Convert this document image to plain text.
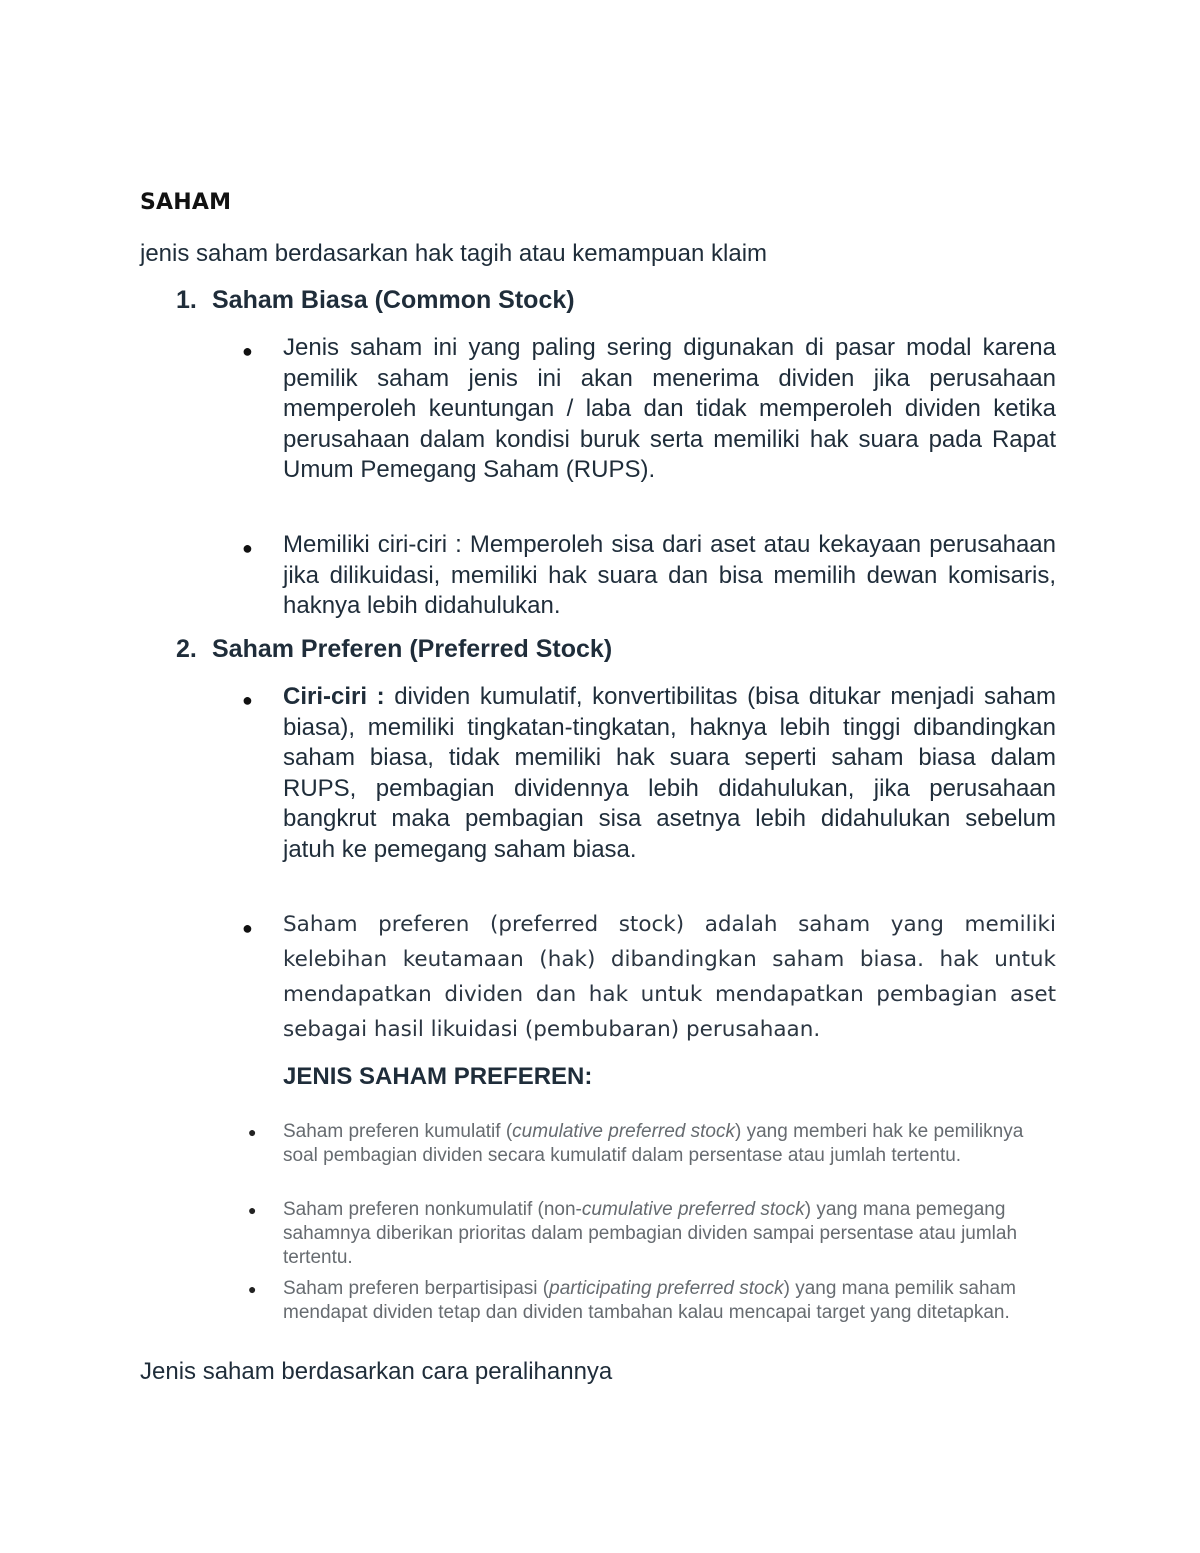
SAHAM

jenis saham berdasarkan hak tagih atau kemampuan klaim

1. Saham Biasa (Common Stock)
● Jenis saham ini yang paling sering digunakan di pasar modal karena pemilik saham jenis ini akan menerima dividen jika perusahaan memperoleh keuntungan / laba dan tidak memperoleh dividen ketika perusahaan dalam kondisi buruk serta memiliki hak suara pada Rapat Umum Pemegang Saham (RUPS).

● Memiliki ciri-ciri : Memperoleh sisa dari aset atau kekayaan perusahaan jika dilikuidasi, memiliki hak suara dan bisa memilih dewan komisaris, haknya lebih didahulukan.

2. Saham Preferen (Preferred Stock)
● Ciri-ciri : dividen kumulatif, konvertibilitas (bisa ditukar menjadi saham biasa), memiliki tingkatan-tingkatan, haknya lebih tinggi dibandingkan saham biasa, tidak memiliki hak suara seperti saham biasa dalam RUPS, pembagian dividennya lebih didahulukan, jika perusahaan bangkrut maka pembagian sisa asetnya lebih didahulukan sebelum jatuh ke pemegang saham biasa.

● Saham preferen (preferred stock) adalah saham yang memiliki kelebihan keutamaan (hak) dibandingkan saham biasa. hak untuk mendapatkan dividen dan hak untuk mendapatkan pembagian aset sebagai hasil likuidasi (pembubaran) perusahaan.

JENIS SAHAM PREFEREN:
● Saham preferen kumulatif (cumulative preferred stock) yang memberi hak ke pemiliknya soal pembagian dividen secara kumulatif dalam persentase atau jumlah tertentu.
● Saham preferen nonkumulatif (non-cumulative preferred stock) yang mana pemegang sahamnya diberikan prioritas dalam pembagian dividen sampai persentase atau jumlah tertentu.
● Saham preferen berpartisipasi (participating preferred stock) yang mana pemilik saham mendapat dividen tetap dan dividen tambahan kalau mencapai target yang ditetapkan.

Jenis saham berdasarkan cara peralihannya
